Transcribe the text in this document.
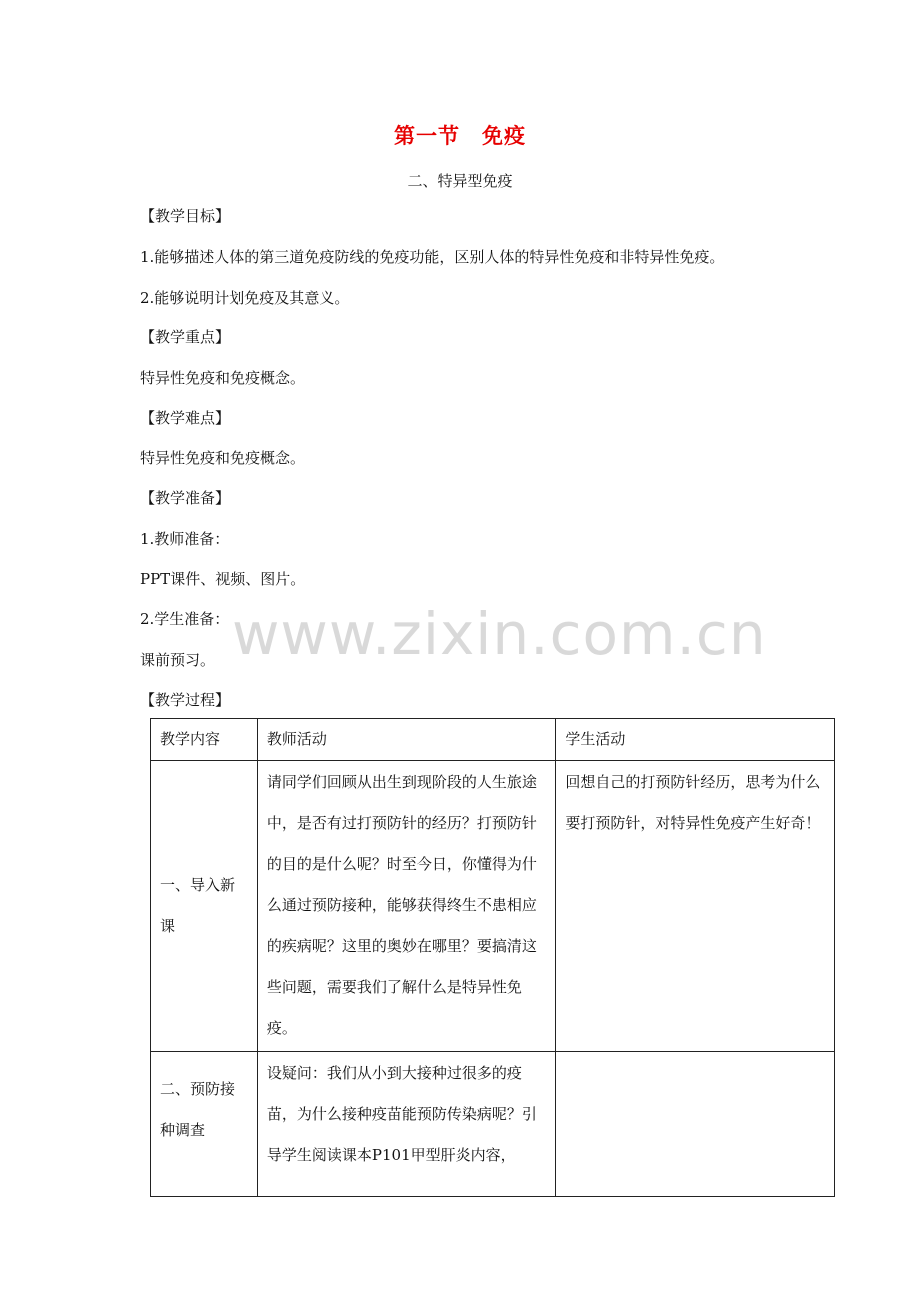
第一节　免疫
二、特异型免疫
【教学目标】
1.能够描述人体的第三道免疫防线的免疫功能，区别人体的特异性免疫和非特异性免疫。
2.能够说明计划免疫及其意义。
【教学重点】
特异性免疫和免疫概念。
【教学难点】
特异性免疫和免疫概念。
【教学准备】
1.教师准备：
PPT课件、视频、图片。
2.学生准备：
课前预习。
【教学过程】
www.zixin.com.cn
教学内容	教师活动	学生活动

一、导入新课	请同学们回顾从出生到现阶段的人生旅途中，是否有过打预防针的经历？打预防针的目的是什么呢？时至今日，你懂得为什么通过预防接种，能够获得终生不患相应的疾病呢？这里的奥妙在哪里？要搞清这些问题，需要我们了解什么是特异性免疫。	回想自己的打预防针经历，思考为什么要打预防针，对特异性免疫产生好奇！

二、预防接种调查	设疑问：我们从小到大接种过很多的疫苗，为什么接种疫苗能预防传染病呢？引导学生阅读课本P101甲型肝炎内容，	
